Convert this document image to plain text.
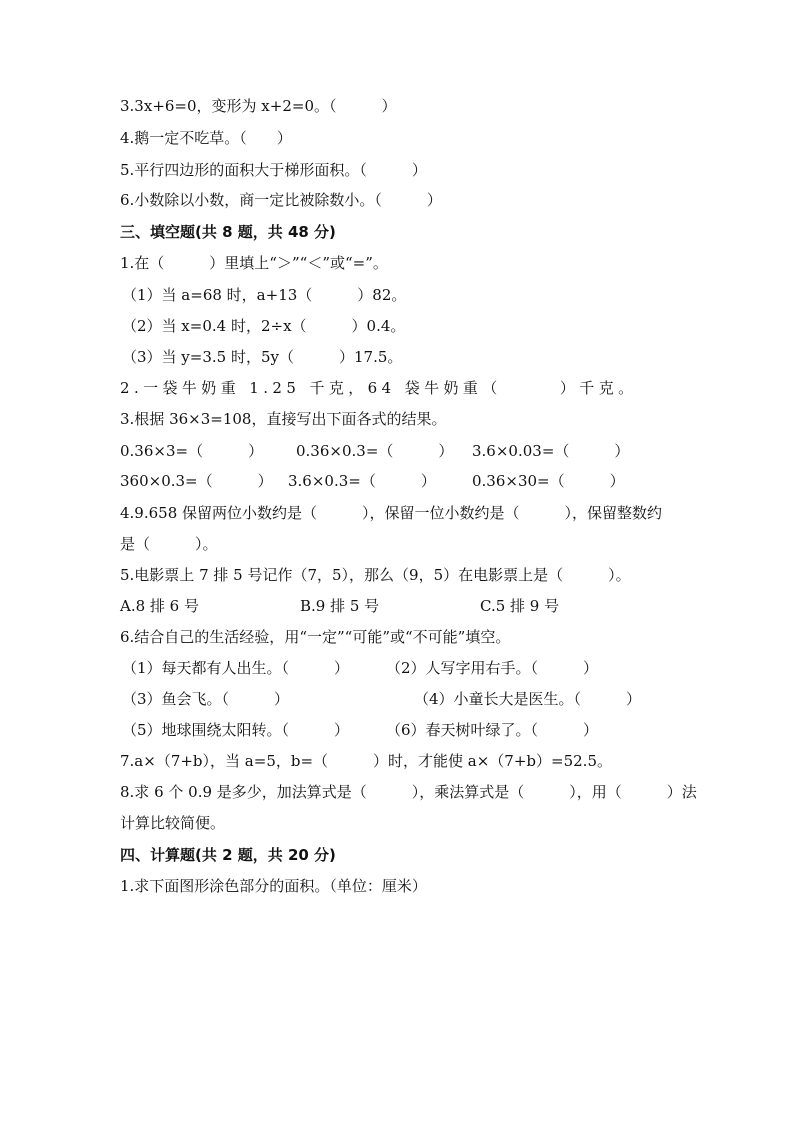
3.3x+6=0，变形为 x+2=0。（　　　）
4.鹅一定不吃草。（　　）
5.平行四边形的面积大于梯形面积。（　　　）
6.小数除以小数，商一定比被除数小。（　　　）
三、填空题(共 8 题，共 48 分)
1.在（　　　）里填上“＞”“＜”或“=”。
（1）当 a=68 时，a+13（　　　）82。
（2）当 x=0.4 时，2÷x（　　　）0.4。
（3）当 y=3.5 时，5y（　　　）17.5。
2.一袋牛奶重 1.25 千克，64 袋牛奶重（　　　）千克。
3.根据 36×3=108，直接写出下面各式的结果。
0.36×3=（　　　） 0.36×0.3=（　　　） 3.6×0.03=（　　　）
360×0.3=（　　　） 3.6×0.3=（　　　） 0.36×30=（　　　）
4.9.658 保留两位小数约是（　　　），保留一位小数约是（　　　），保留整数约
是（　　　）。
5.电影票上 7 排 5 号记作（7，5），那么（9，5）在电影票上是（　　　）。
A.8 排 6 号	B.9 排 5 号	C.5 排 9 号
6.结合自己的生活经验，用“一定”“可能”或“不可能”填空。
（1）每天都有人出生。（　　　） （2）人写字用右手。（　　　）
（3）鱼会飞。（　　　）	（4）小童长大是医生。（　　　）
（5）地球围绕太阳转。（　　　） （6）春天树叶绿了。（　　　）
7.a×（7+b），当 a=5，b=（　　　）时，才能使 a×（7+b）=52.5。
8.求 6 个 0.9 是多少，加法算式是（　　　），乘法算式是（　　　），用（　　　）法
计算比较简便。
四、计算题(共 2 题，共 20 分)
1.求下面图形涂色部分的面积。（单位：厘米）
